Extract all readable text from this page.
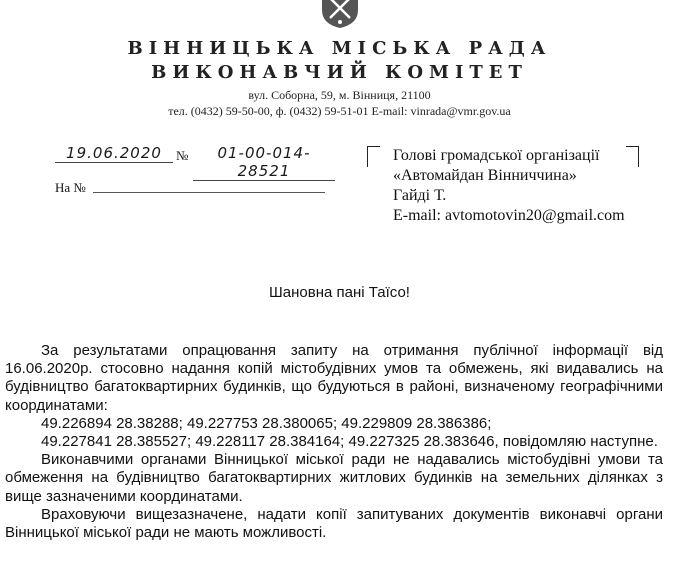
ВІННИЦЬКА МІСЬКА РАДА
ВИКОНАВЧИЙ КОМІТЕТ
вул. Соборна, 59, м. Вінниця, 21100
тел. (0432) 59-50-00, ф. (0432) 59-51-01 E-mail: vinrada@vmr.gov.ua
19.06.2020	№	01-00-014-28521
На №
Голові громадської організації
«Автомайдан Вінниччина»
Гайді Т.
E-mail: avtomotovin20@gmail.com
Шановна пані Таїсо!

За результатами опрацювання запиту на отримання публічної інформації від 16.06.2020р. стосовно надання копій містобудівних умов та обмежень, які видавались на будівництво багатоквартирних будинків, що будуються в районі, визначеному географічними координатами:

49.226894 28.38288; 49.227753 28.380065; 49.229809 28.386386;

49.227841 28.385527; 49.228117 28.384164; 49.227325 28.383646, повідомляю наступне.

Виконавчими органами Вінницької міської ради не надавались містобудівні умови та обмеження на будівництво багатоквартирних житлових будинків на земельних ділянках з вище зазначеними координатами.

Враховуючи вищезазначене, надати копії запитуваних документів виконавчі органи Вінницької міської ради не мають можливості.
